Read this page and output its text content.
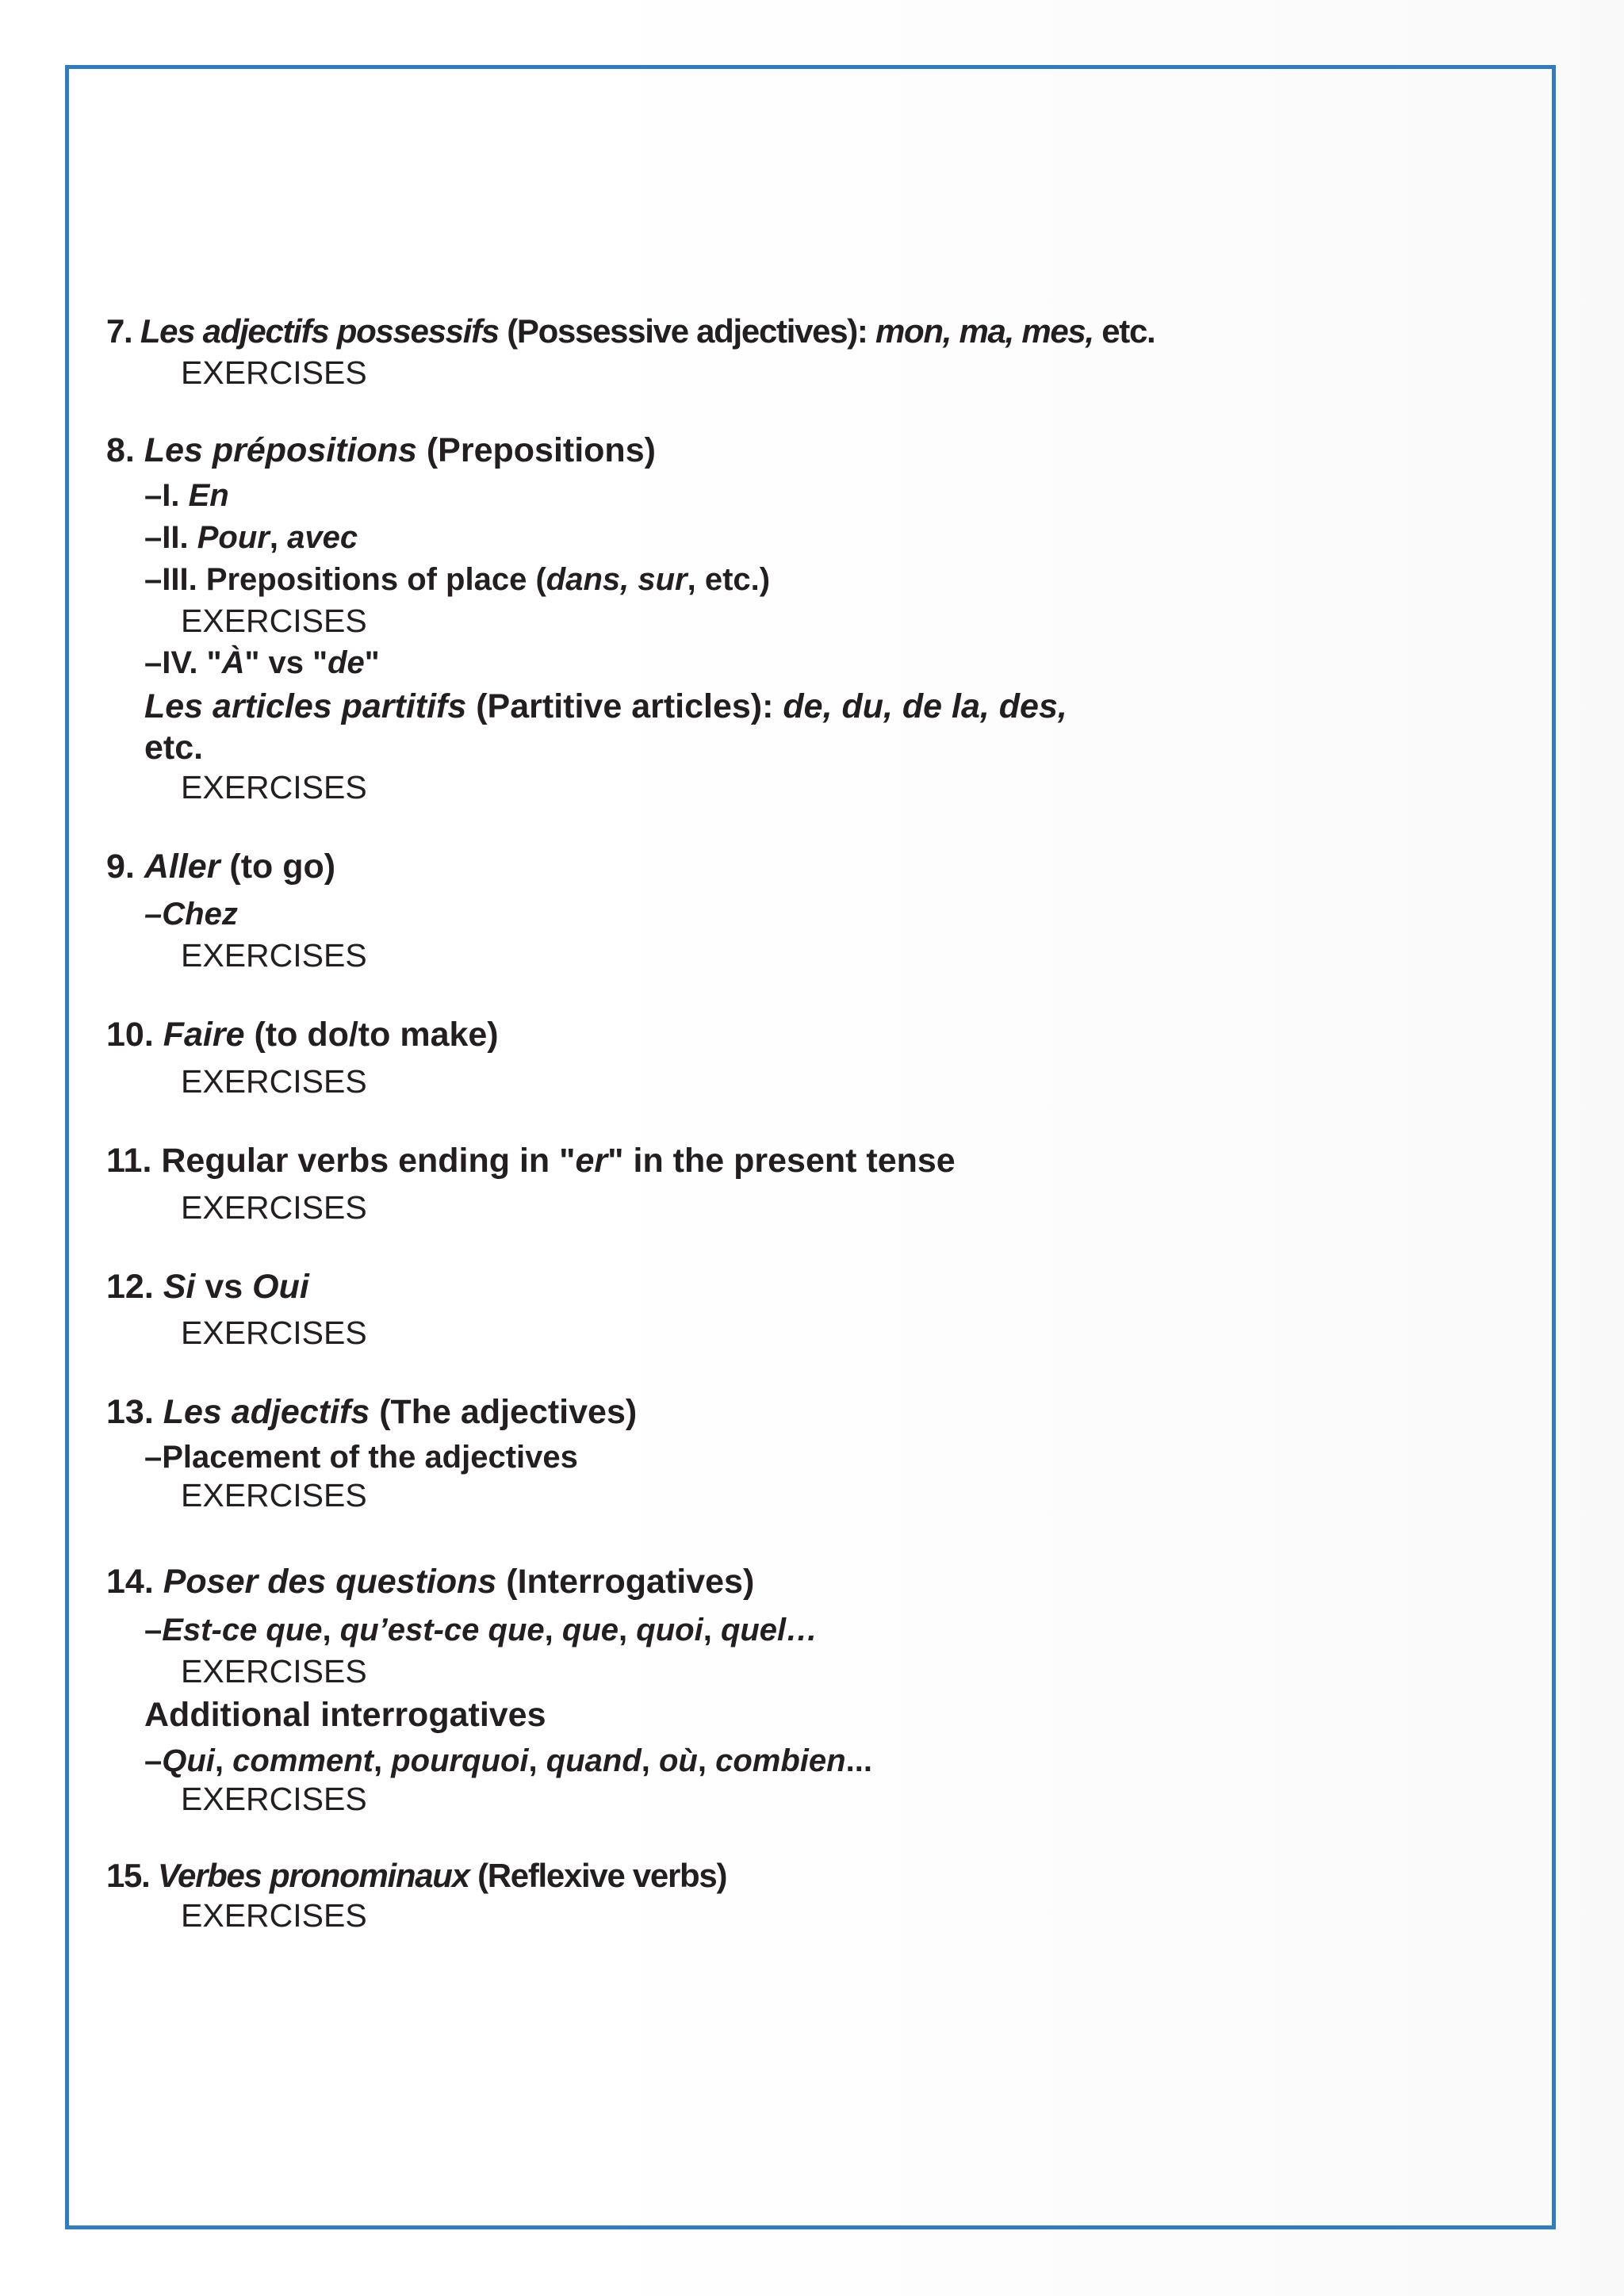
7. Les adjectifs possessifs (Possessive adjectives): mon, ma, mes, etc.
EXERCISES
8. Les prépositions (Prepositions)
–I. En
–II. Pour, avec
–III. Prepositions of place (dans, sur, etc.)
EXERCISES
–IV. "À" vs "de"
Les articles partitifs (Partitive articles): de, du, de la, des,
etc.
EXERCISES
9. Aller (to go)
–Chez
EXERCISES
10. Faire (to do/to make)
EXERCISES
11. Regular verbs ending in "er" in the present tense
EXERCISES
12. Si vs Oui
EXERCISES
13. Les adjectifs (The adjectives)
–Placement of the adjectives
EXERCISES
14. Poser des questions (Interrogatives)
–Est-ce que, qu’est-ce que, que, quoi, quel…
EXERCISES
Additional interrogatives
–Qui, comment, pourquoi, quand, où, combien...
EXERCISES
15. Verbes pronominaux (Reflexive verbs)
EXERCISES
